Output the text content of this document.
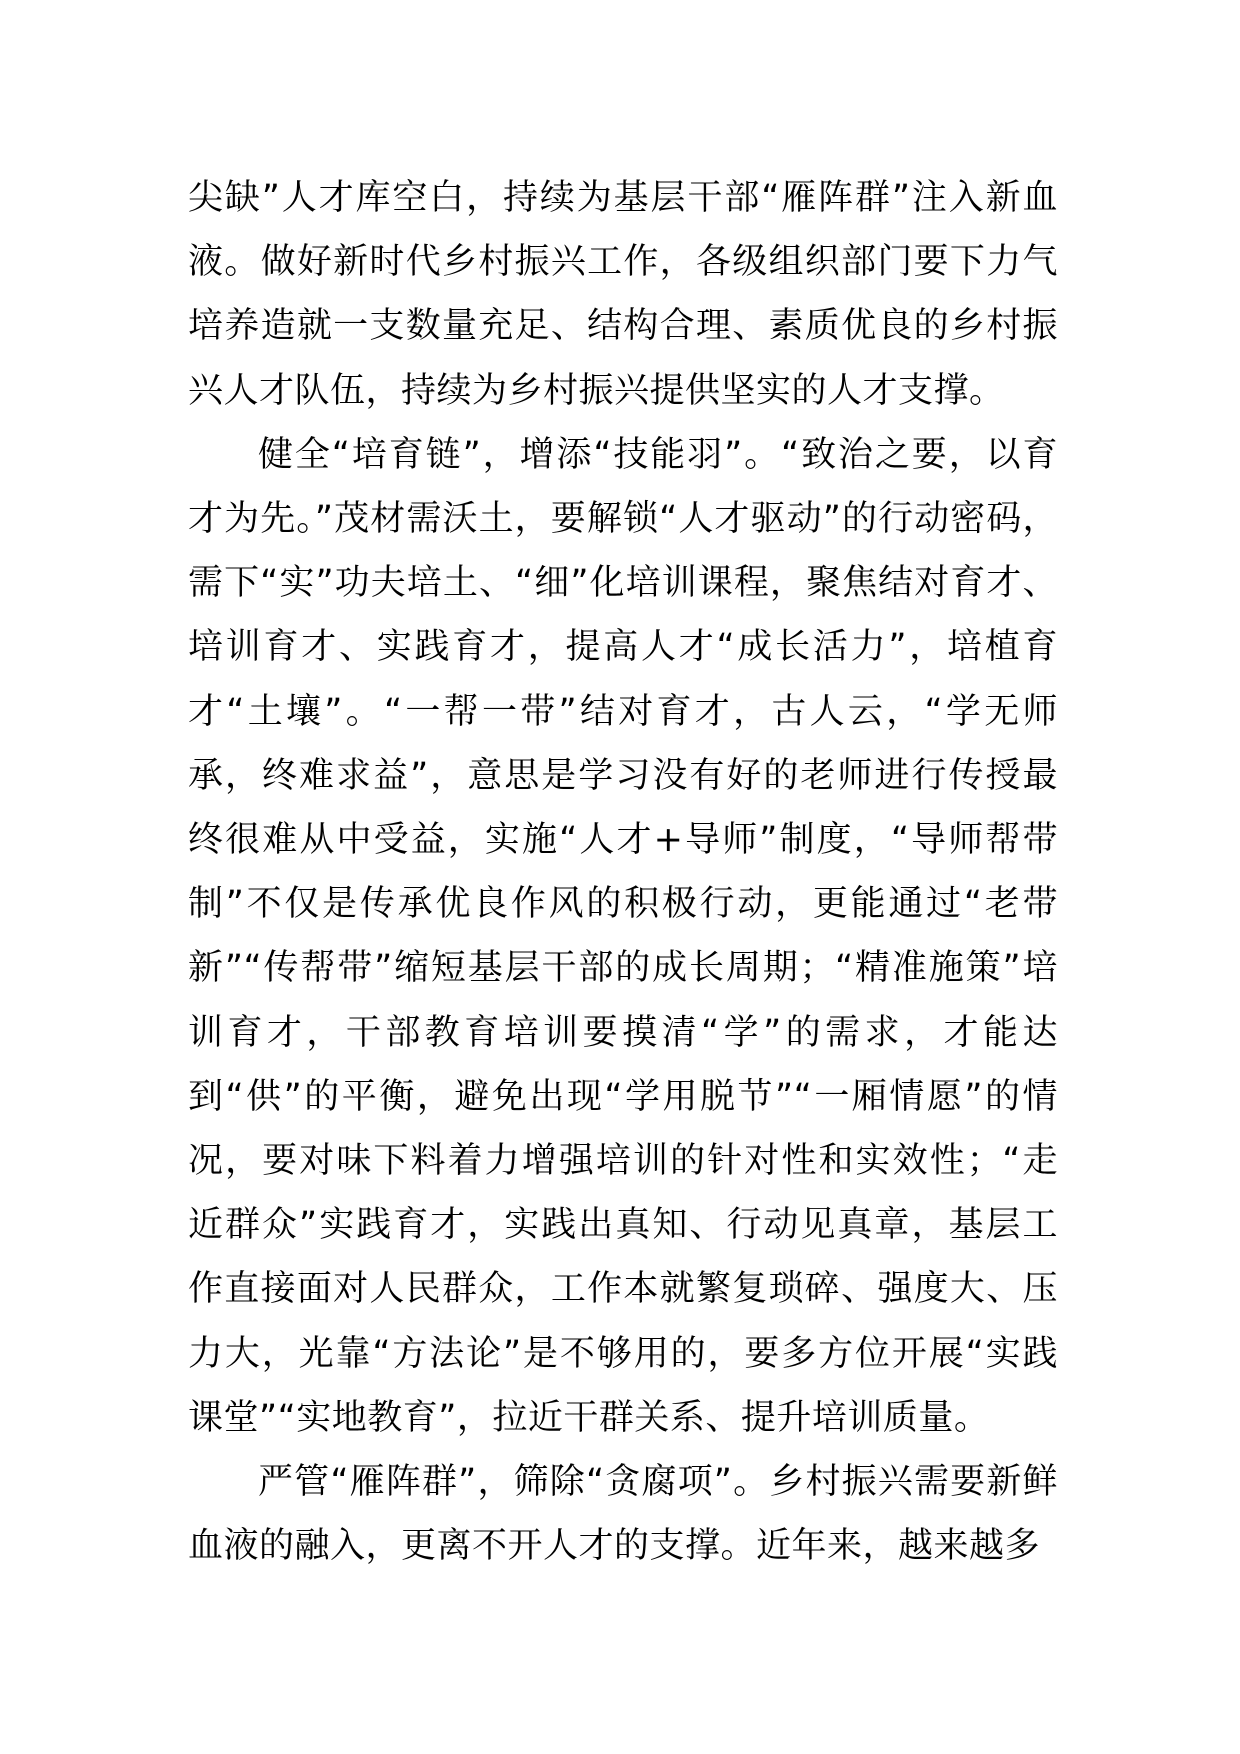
尖缺”人才库空白，持续为基层干部“雁阵群”注入新血液。做好新时代乡村振兴工作，各级组织部门要下力气培养造就一支数量充足、结构合理、素质优良的乡村振兴人才队伍，持续为乡村振兴提供坚实的人才支撑。

健全“培育链”，增添“技能羽”。“致治之要，以育才为先。”茂材需沃土，要解锁“人才驱动”的行动密码，需下“实”功夫培土、“细”化培训课程，聚焦结对育才、培训育才、实践育才，提高人才“成长活力”，培植育才“土壤”。“一帮一带”结对育才，古人云，“学无师承，终难求益”，意思是学习没有好的老师进行传授最终很难从中受益，实施“人才+导师”制度，“导师帮带制”不仅是传承优良作风的积极行动，更能通过“老带新”“传帮带”缩短基层干部的成长周期；“精准施策”培训育才，干部教育培训要摸清“学”的需求，才能达到“供”的平衡，避免出现“学用脱节”“一厢情愿”的情况，要对味下料着力增强培训的针对性和实效性；“走近群众”实践育才，实践出真知、行动见真章，基层工作直接面对人民群众，工作本就繁复琐碎、强度大、压力大，光靠“方法论”是不够用的，要多方位开展“实践课堂”“实地教育”，拉近干群关系、提升培训质量。

严管“雁阵群”，筛除“贪腐项”。乡村振兴需要新鲜血液的融入，更离不开人才的支撑。近年来，越来越多
